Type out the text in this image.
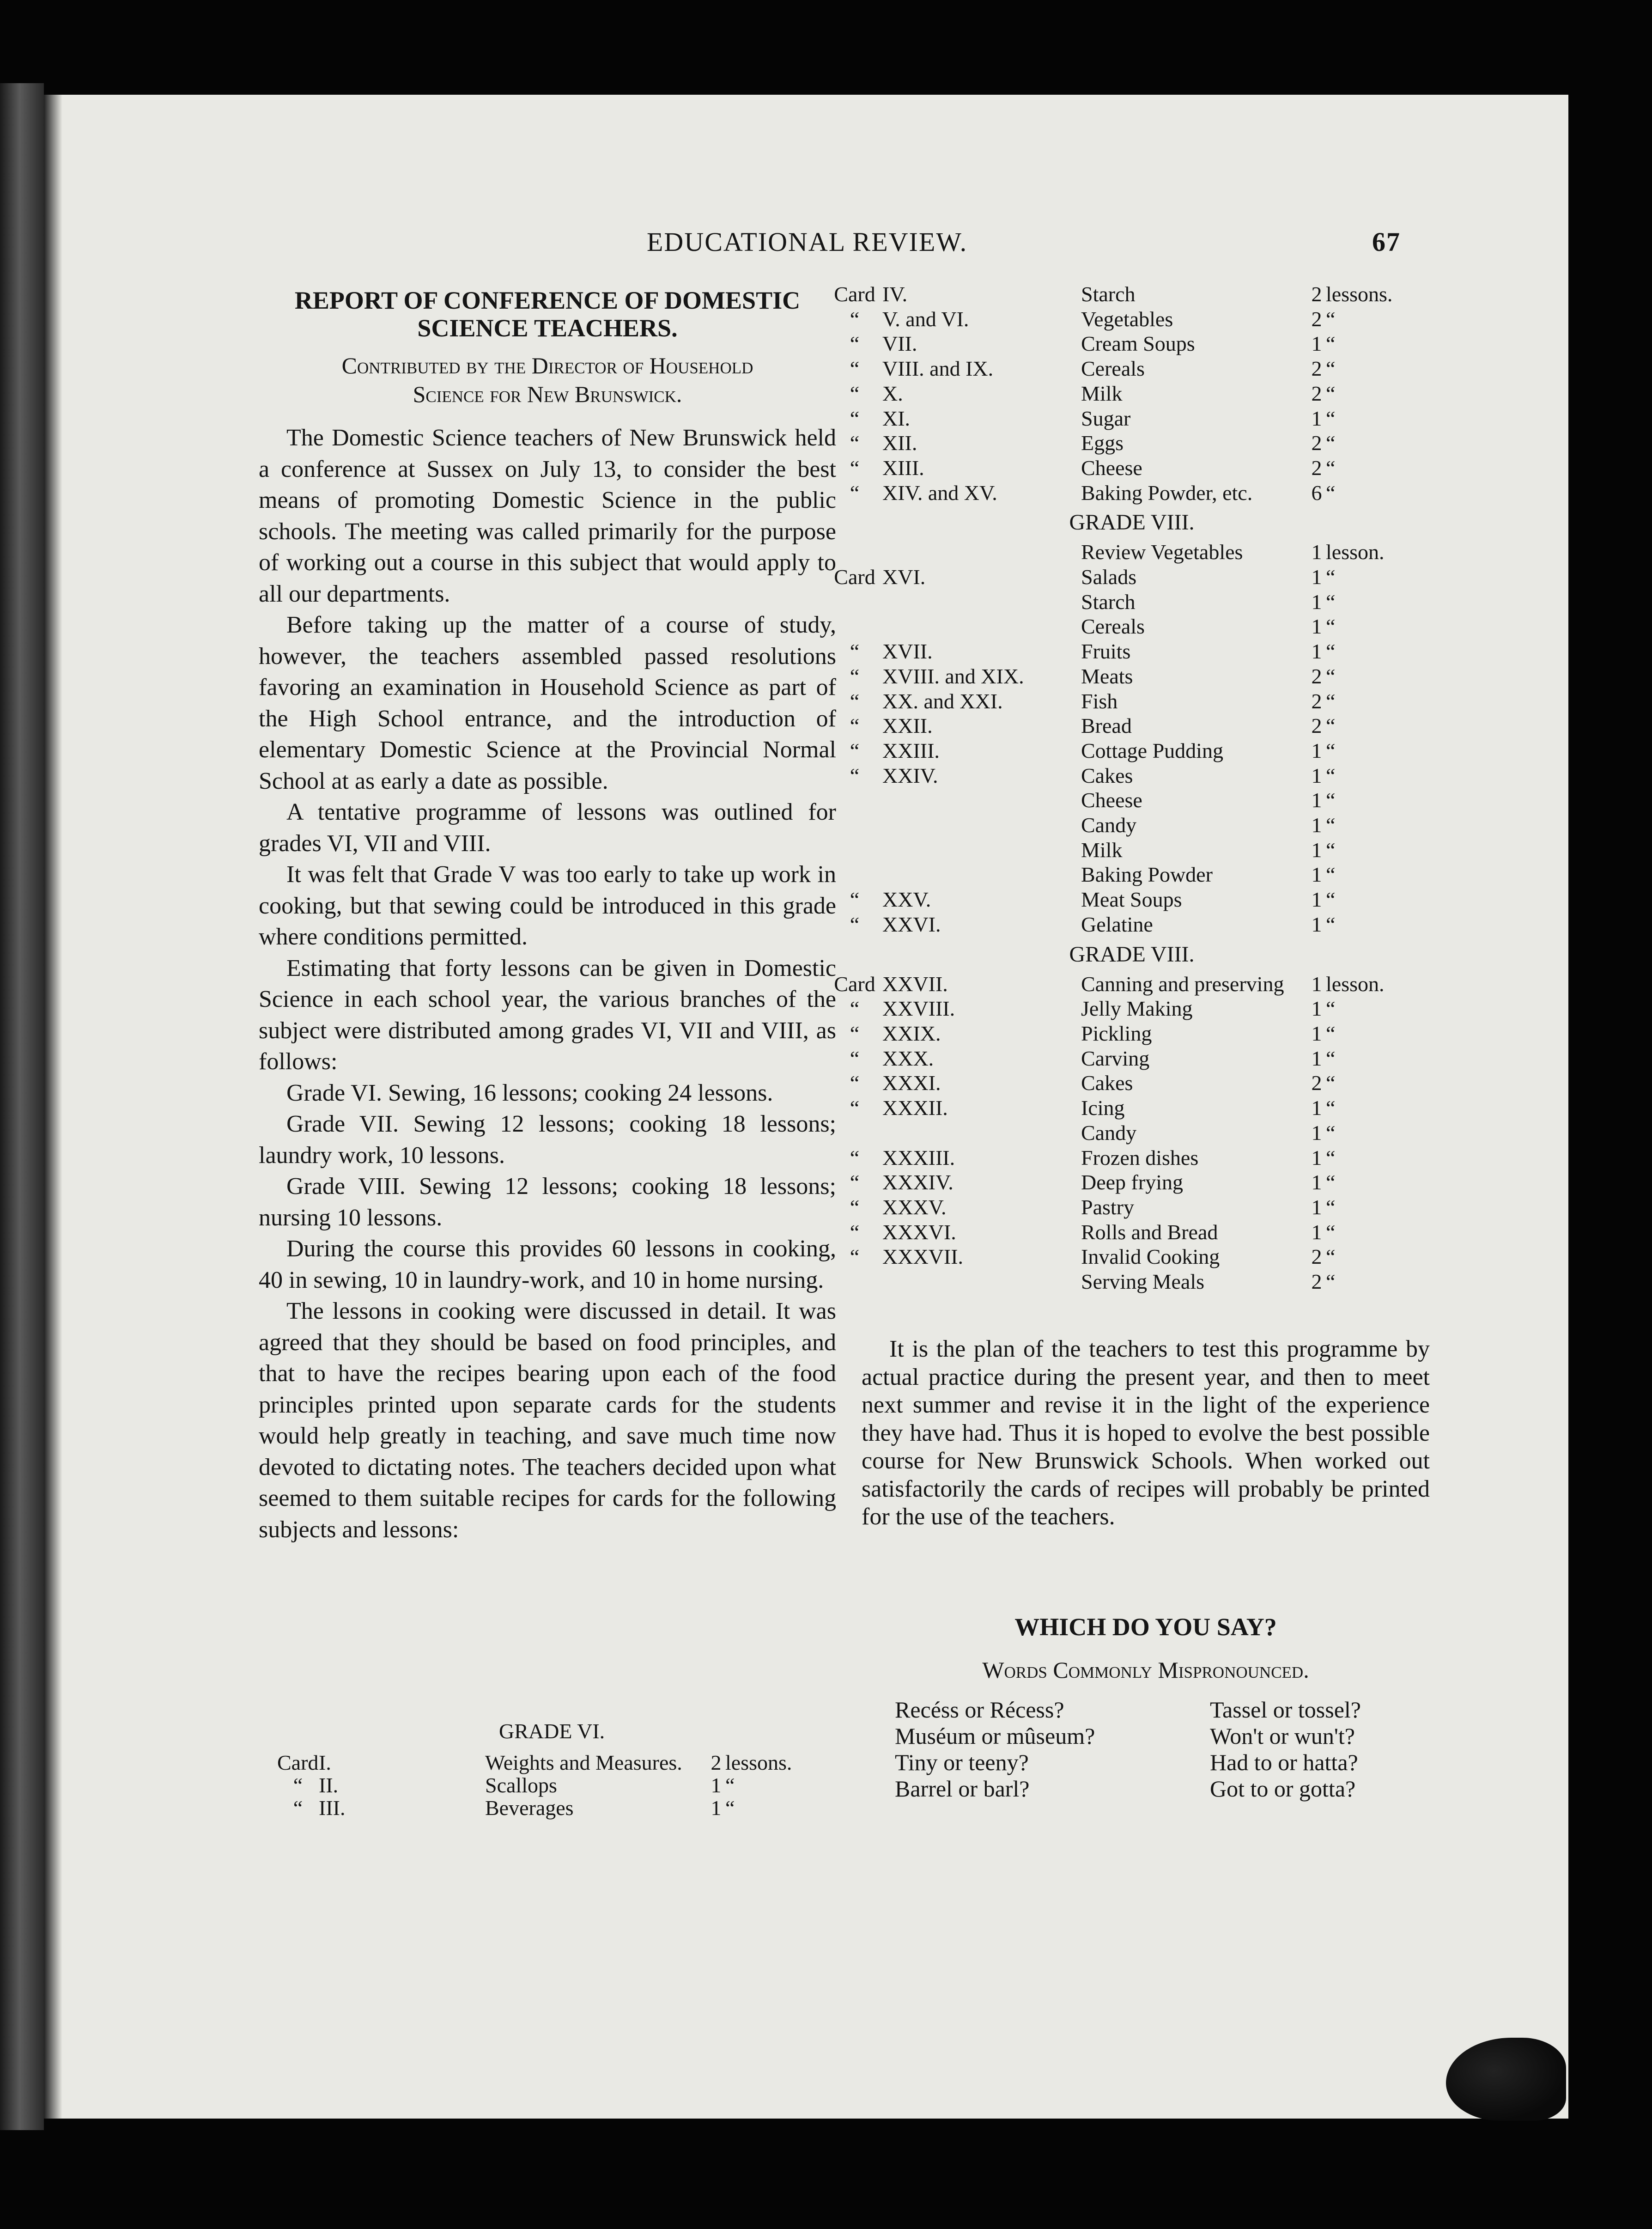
EDUCATIONAL REVIEW.	67
REPORT OF CONFERENCE OF DOMESTIC
SCIENCE TEACHERS.
Contributed by the Director of Household
Science for New Brunswick.

The Domestic Science teachers of New Brunswick held a conference at Sussex on July 13, to consider the best means of promoting Domestic Science in the public schools. The meeting was called primarily for the purpose of working out a course in this subject that would apply to all our departments.

Before taking up the matter of a course of study, however, the teachers assembled passed resolutions favoring an examination in Household Science as part of the High School entrance, and the introduction of elementary Domestic Science at the Provincial Normal School at as early a date as possible.

A tentative programme of lessons was outlined for grades VI, VII and VIII.

It was felt that Grade V was too early to take up work in cooking, but that sewing could be introduced in this grade where conditions permitted.

Estimating that forty lessons can be given in Domestic Science in each school year, the various branches of the subject were distributed among grades VI, VII and VIII, as follows:

Grade VI. Sewing, 16 lessons; cooking 24 lessons.

Grade VII. Sewing 12 lessons; cooking 18 lessons; laundry work, 10 lessons.

Grade VIII. Sewing 12 lessons; cooking 18 lessons; nursing 10 lessons.

During the course this provides 60 lessons in cooking, 40 in sewing, 10 in laundry-work, and 10 in home nursing.

The lessons in cooking were discussed in detail. It was agreed that they should be based on food principles, and that to have the recipes bearing upon each of the food principles printed upon separate cards for the students would help greatly in teaching, and save much time now devoted to dictating notes. The teachers decided upon what seemed to them suitable recipes for cards for the following subjects and lessons:

GRADE VI.
Card	I.	Weights and Measures.	2	lessons.
“	II.	Scallops	1	“
“	III.	Beverages	1	“
Card	IV.	Starch	2	lessons.
“	V. and VI.	Vegetables	2	“
“	VII.	Cream Soups	1	“
“	VIII. and IX.	Cereals	2	“
“	X.	Milk	2	“
“	XI.	Sugar	1	“
“	XII.	Eggs	2	“
“	XIII.	Cheese	2	“
“	XIV. and XV.	Baking Powder, etc.	6	“
GRADE VIII.
		Review Vegetables	1	lesson.
Card	XVI.	Salads	1	“
		Starch	1	“
		Cereals	1	“
“	XVII.	Fruits	1	“
“	XVIII. and XIX.	Meats	2	“
“	XX. and XXI.	Fish	2	“
“	XXII.	Bread	2	“
“	XXIII.	Cottage Pudding	1	“
“	XXIV.	Cakes	1	“
		Cheese	1	“
		Candy	1	“
		Milk	1	“
		Baking Powder	1	“
“	XXV.	Meat Soups	1	“
“	XXVI.	Gelatine	1	“
GRADE VIII.
Card	XXVII.	Canning and preserving	1	lesson.
“	XXVIII.	Jelly Making	1	“
“	XXIX.	Pickling	1	“
“	XXX.	Carving	1	“
“	XXXI.	Cakes	2	“
“	XXXII.	Icing	1	“
		Candy	1	“
“	XXXIII.	Frozen dishes	1	“
“	XXXIV.	Deep frying	1	“
“	XXXV.	Pastry	1	“
“	XXXVI.	Rolls and Bread	1	“
“	XXXVII.	Invalid Cooking	2	“
		Serving Meals	2	“

It is the plan of the teachers to test this programme by actual practice during the present year, and then to meet next summer and revise it in the light of the experience they have had. Thus it is hoped to evolve the best possible course for New Brunswick Schools. When worked out satisfactorily the cards of recipes will probably be printed for the use of the teachers.

WHICH DO YOU SAY?
Words Commonly Mispronounced.
Recéss or Récess?	Tassel or tossel?
Muséum or mûseum?	Won't or wun't?
Tiny or teeny?	Had to or hatta?
Barrel or barl?	Got to or gotta?
